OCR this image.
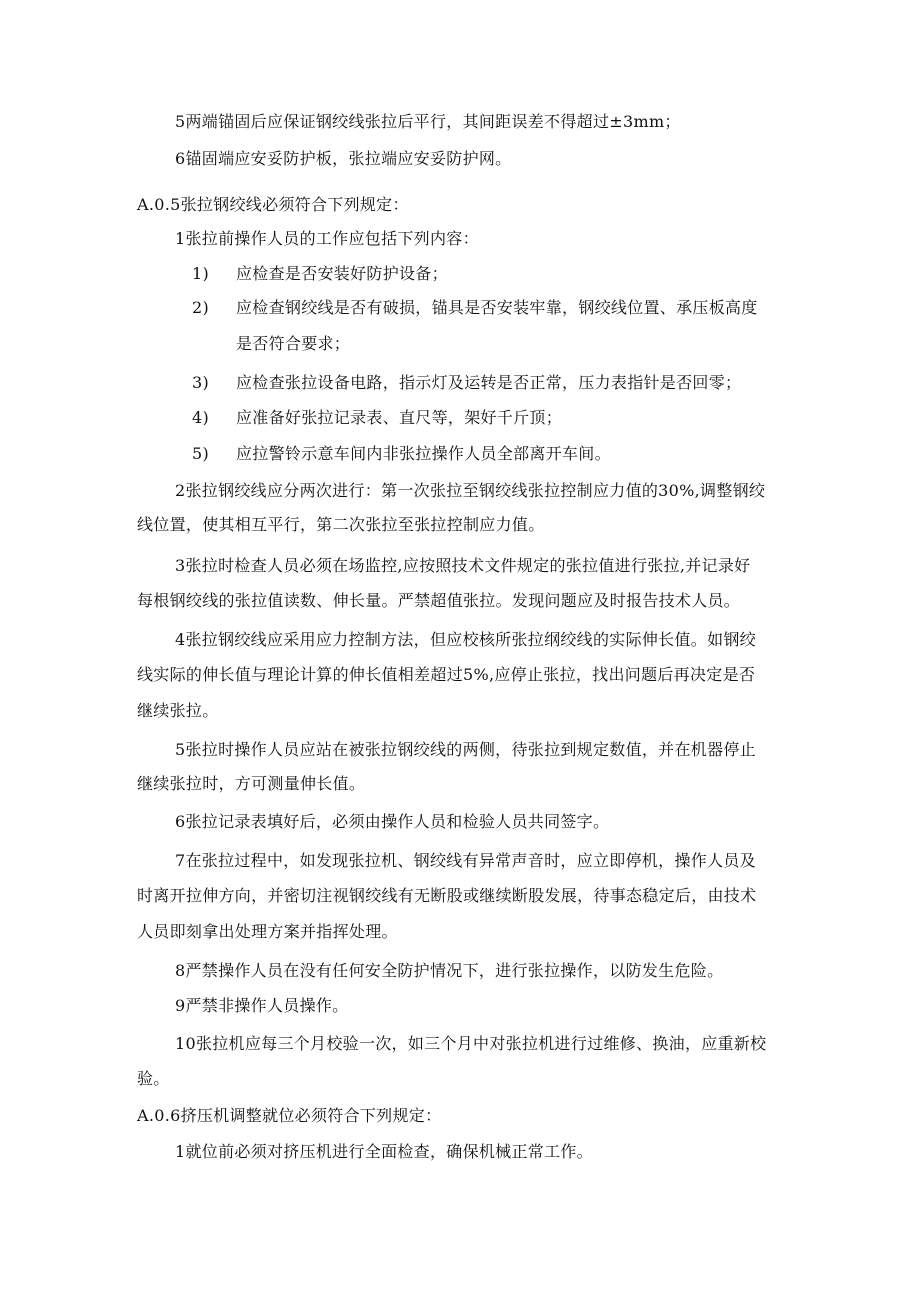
5两端锚固后应保证钢绞线张拉后平行，其间距误差不得超过±3mm；
6锚固端应安妥防护板，张拉端应安妥防护网。
A.0.5张拉钢绞线必须符合下列规定：
1张拉前操作人员的工作应包括下列内容：
1) 应检查是否安装好防护设备；
2) 应检查钢绞线是否有破损，锚具是否安装牢靠，钢绞线位置、承压板高度
是否符合要求；
3) 应检查张拉设备电路，指示灯及运转是否正常，压力表指针是否回零；
4) 应准备好张拉记录表、直尺等，架好千斤顶；
5) 应拉警铃示意车间内非张拉操作人员全部离开车间。
2张拉钢绞线应分两次进行：第一次张拉至钢绞线张拉控制应力值的30%,调整钢绞
线位置，使其相互平行，第二次张拉至张拉控制应力值。
3张拉时检查人员必须在场监控,应按照技术文件规定的张拉值进行张拉,并记录好
每根钢绞线的张拉值读数、伸长量。严禁超值张拉。发现问题应及时报告技术人员。
4张拉钢绞线应采用应力控制方法，但应校核所张拉纲绞线的实际伸长值。如钢绞
线实际的伸长值与理论计算的伸长值相差超过5%,应停止张拉，找出问题后再决定是否
继续张拉。
5张拉时操作人员应站在被张拉钢绞线的两侧，待张拉到规定数值，并在机器停止
继续张拉时，方可测量伸长值。
6张拉记录表填好后，必须由操作人员和检验人员共同签字。
7在张拉过程中，如发现张拉机、钢绞线有异常声音时，应立即停机，操作人员及
时离开拉伸方向，并密切注视钢绞线有无断股或继续断股发展，待事态稳定后，由技术
人员即刻拿出处理方案并指挥处理。
8严禁操作人员在没有任何安全防护情况下，进行张拉操作，以防发生危险。
9严禁非操作人员操作。
10张拉机应每三个月校验一次，如三个月中对张拉机进行过维修、换油，应重新校
验。
A.0.6挤压机调整就位必须符合下列规定：
1就位前必须对挤压机进行全面检查，确保机械正常工作。
